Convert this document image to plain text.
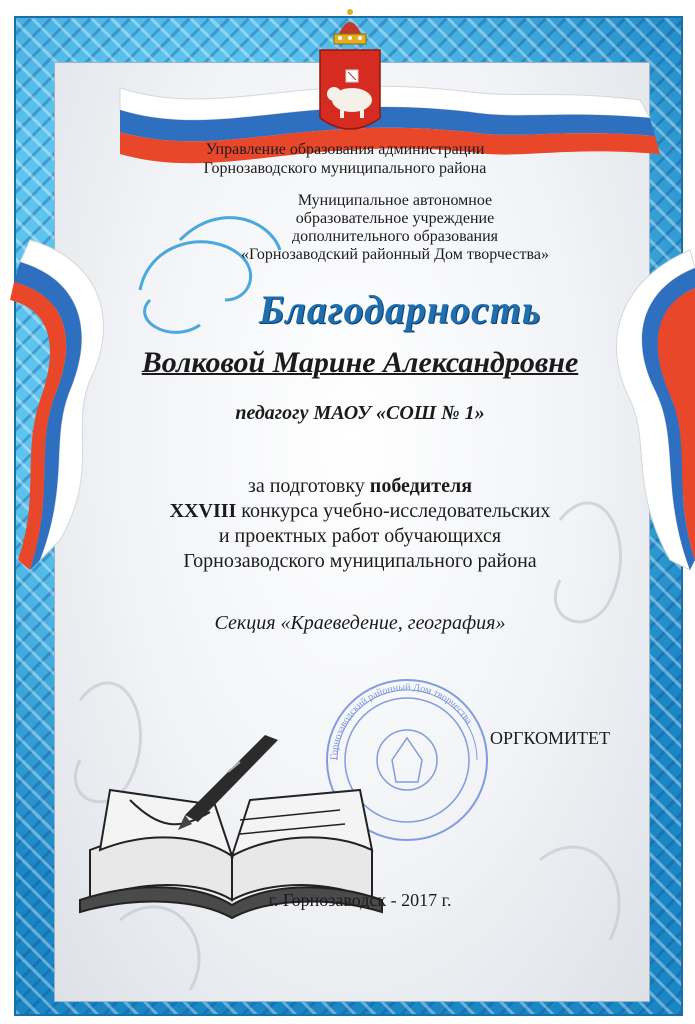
Горнозаводский районный Дом творчества
Управление образования администрации
Горнозаводского муниципального района
Муниципальное автономное
образовательное учреждение
дополнительного образования
«Горнозаводский районный Дом творчества»
Благодарность
Волковой Марине Александровне
педагогу МАОУ «СОШ № 1»
за подготовку победителя
XXVIII конкурса учебно-исследовательских
и проектных работ обучающихся
Горнозаводского муниципального района
Секция «Краеведение, география»
ОРГКОМИТЕТ
г. Горнозаводск - 2017 г.
